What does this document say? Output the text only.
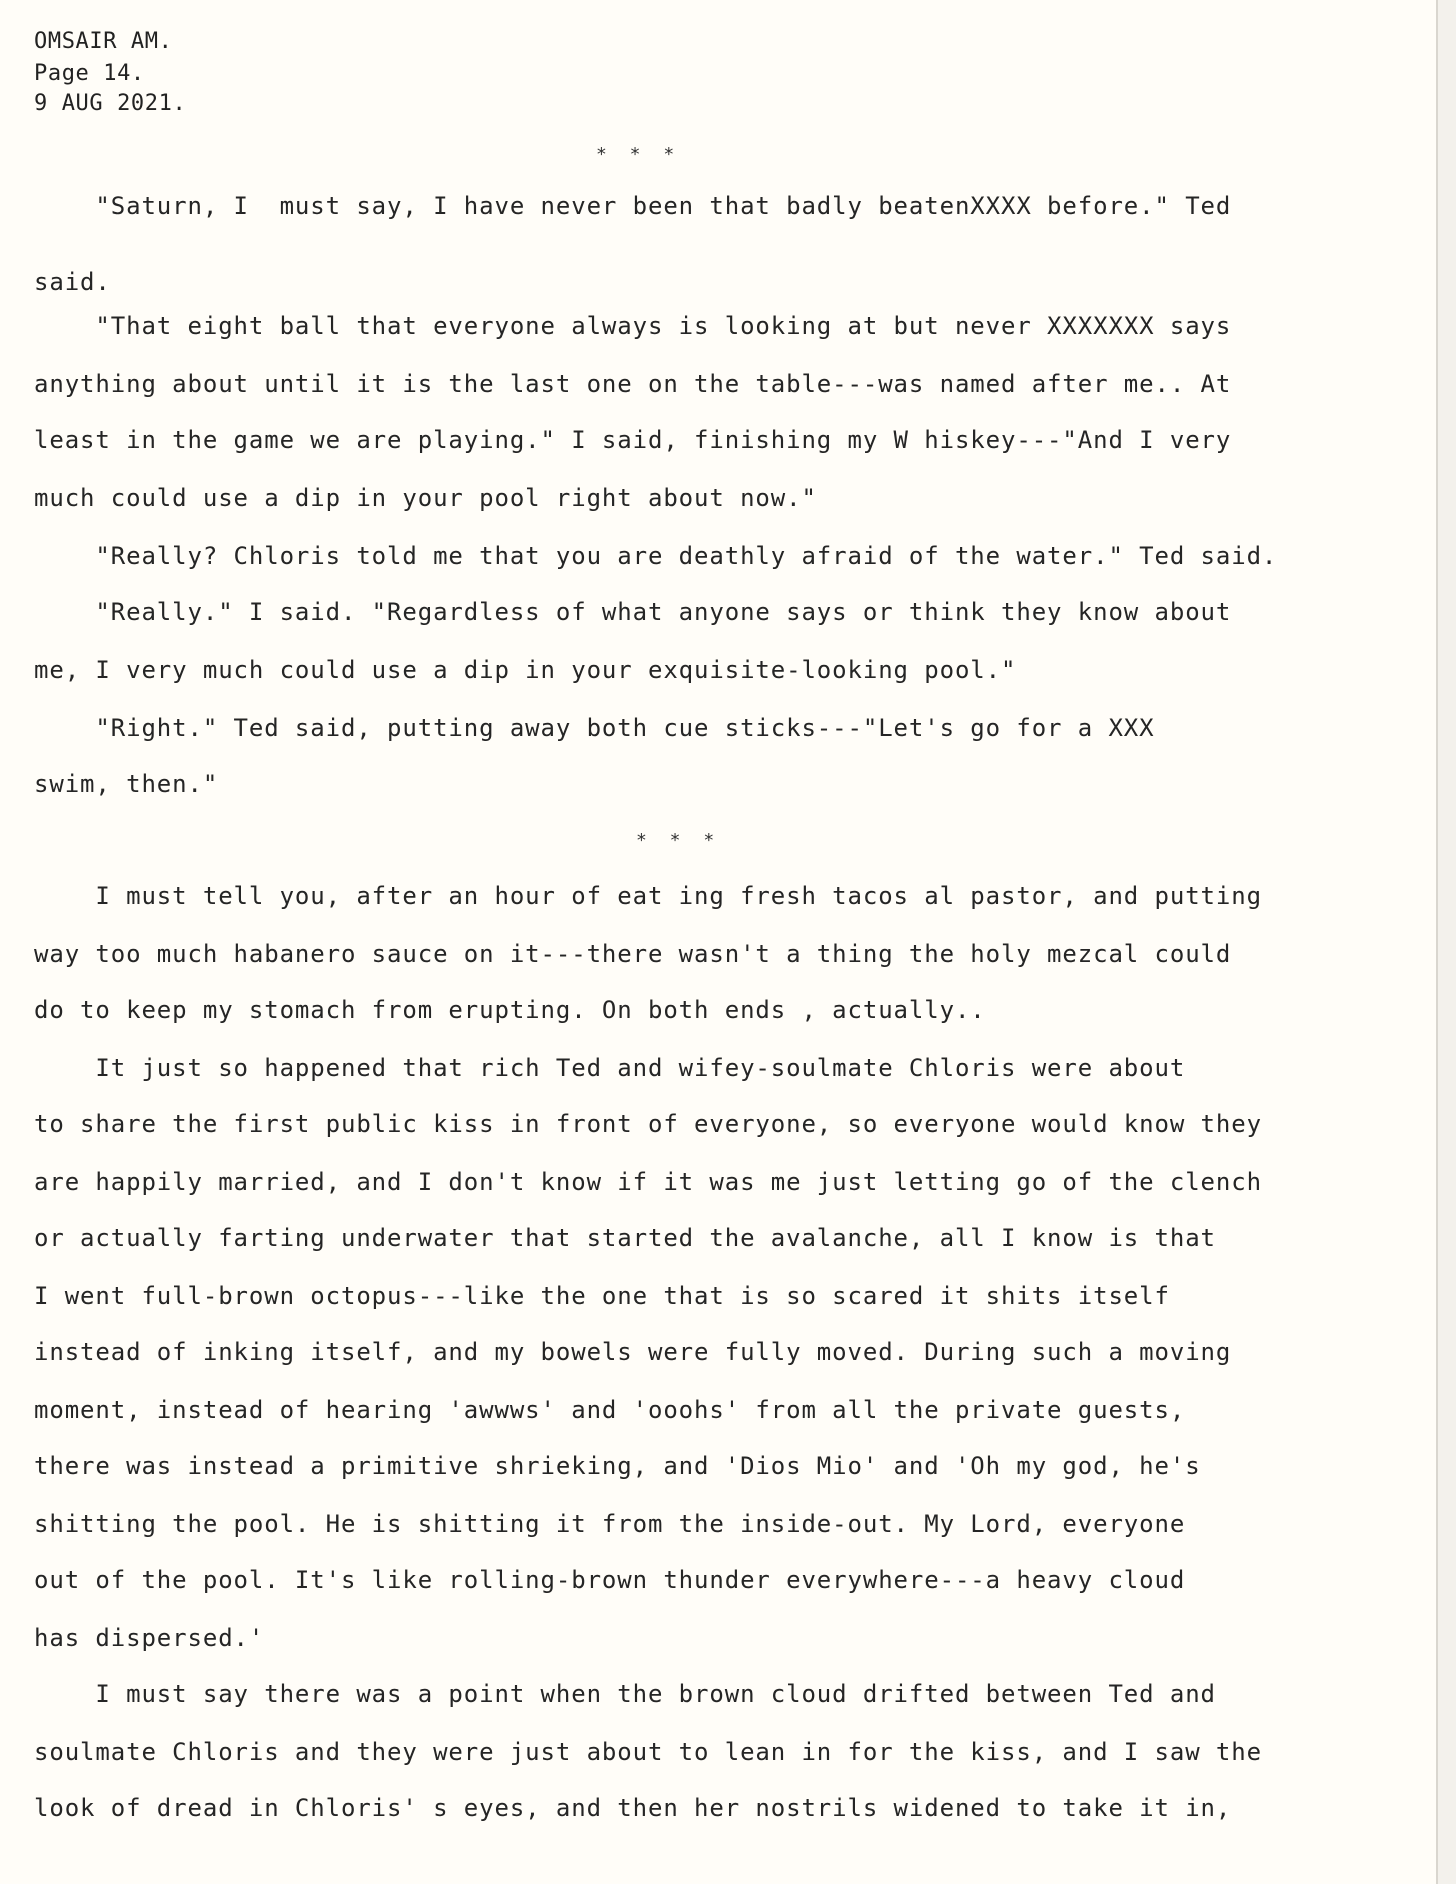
OMSAIR AM.
Page 14.
9 AUG 2021.
* * *
"Saturn, I  must say, I have never been that badly beatenXXXX before." Ted
said.
"That eight ball that everyone always is looking at but never XXXXXXX says
anything about until it is the last one on the table---was named after me.. At
least in the game we are playing." I said, finishing my W hiskey---"And I very
much could use a dip in your pool right about now."
"Really? Chloris told me that you are deathly afraid of the water." Ted said.
"Really." I said. "Regardless of what anyone says or think they know about
me, I very much could use a dip in your exquisite-looking pool."
"Right." Ted said, putting away both cue sticks---"Let's go for a XXX
swim, then."
* * *
I must tell you, after an hour of eat ing fresh tacos al pastor, and putting
way too much habanero sauce on it---there wasn't a thing the holy mezcal could
do to keep my stomach from erupting. On both ends , actually..
It just so happened that rich Ted and wifey-soulmate Chloris were about
to share the first public kiss in front of everyone, so everyone would know they
are happily married, and I don't know if it was me just letting go of the clench
or actually farting underwater that started the avalanche, all I know is that
I went full-brown octopus---like the one that is so scared it shits itself
instead of inking itself, and my bowels were fully moved. During such a moving
moment, instead of hearing 'awwws' and 'ooohs' from all the private guests,
there was instead a primitive shrieking, and 'Dios Mio' and 'Oh my god, he's
shitting the pool. He is shitting it from the inside-out. My Lord, everyone
out of the pool. It's like rolling-brown thunder everywhere---a heavy cloud
has dispersed.'
I must say there was a point when the brown cloud drifted between Ted and
soulmate Chloris and they were just about to lean in for the kiss, and I saw the
look of dread in Chloris' s eyes, and then her nostrils widened to take it in,
